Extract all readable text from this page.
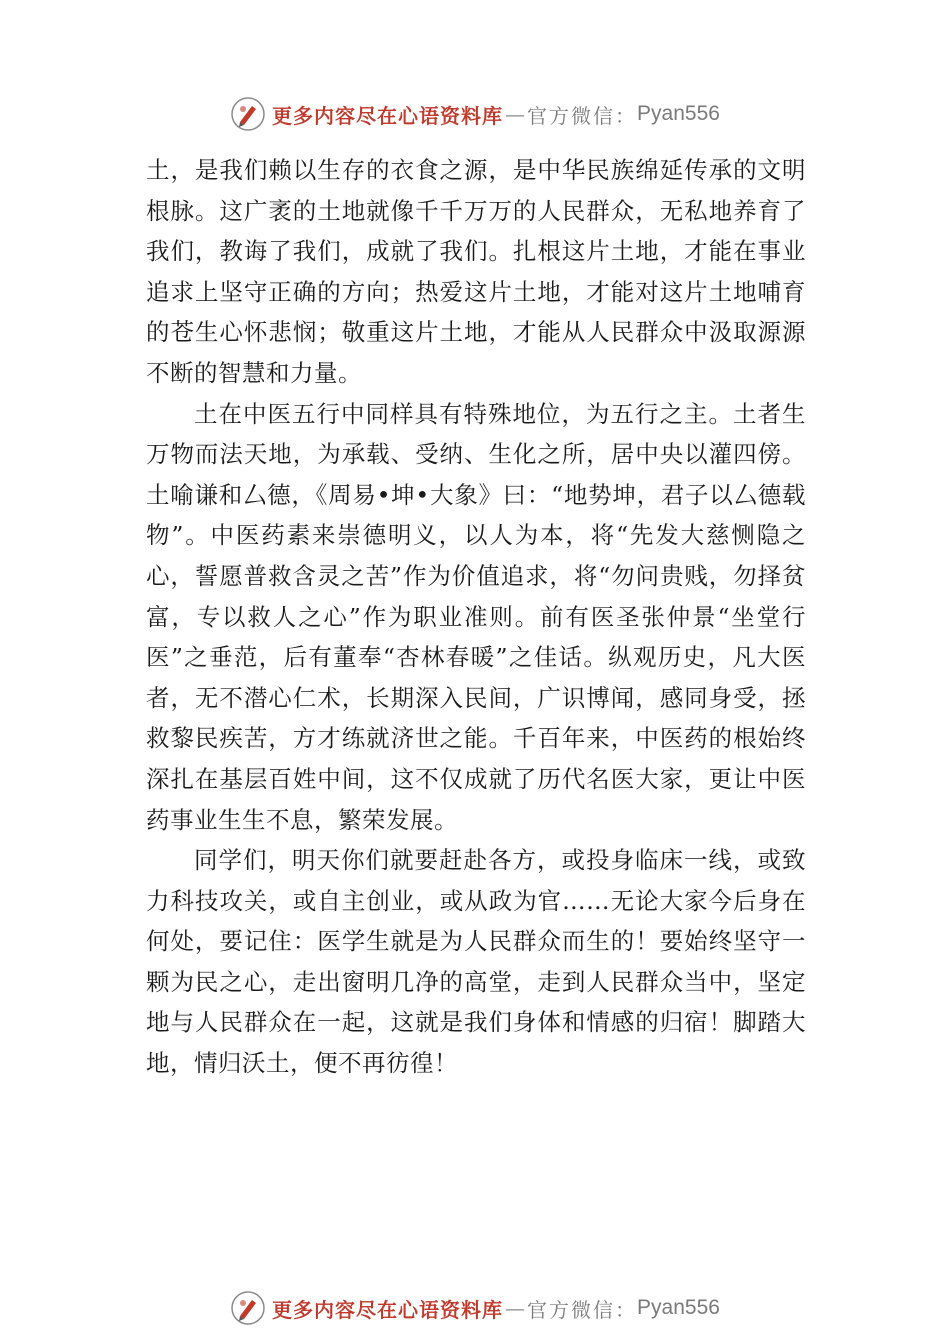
更多内容尽在心语资料库 — 官方微信： Pyan556

土，是我们赖以生存的衣食之源，是中华民族绵延传承的文明根脉。这广袤的土地就像千千万万的人民群众，无私地养育了我们，教诲了我们，成就了我们。扎根这片土地，才能在事业追求上坚守正确的方向；热爱这片土地，才能对这片土地哺育的苍生心怀悲悯；敬重这片土地，才能从人民群众中汲取源源不断的智慧和力量。

土在中医五行中同样具有特殊地位，为五行之主。土者生万物而法天地，为承载、受纳、生化之所，居中央以灌四傍。土喻谦和厶德，《周易•坤•大象》曰：“地势坤，君子以厶德载物”。中医药素来崇德明义，以人为本，将“先发大慈恻隐之心，誓愿普救含灵之苦”作为价值追求，将“勿问贵贱，勿择贫富，专以救人之心”作为职业准则。前有医圣张仲景“坐堂行医”之垂范，后有董奉“杏林春暖”之佳话。纵观历史，凡大医者，无不潜心仁术，长期深入民间，广识博闻，感同身受，拯救黎民疾苦，方才练就济世之能。千百年来，中医药的根始终深扎在基层百姓中间，这不仅成就了历代名医大家，更让中医药事业生生不息，繁荣发展。

同学们，明天你们就要赶赴各方，或投身临床一线，或致力科技攻关，或自主创业，或从政为官……无论大家今后身在何处，要记住：医学生就是为人民群众而生的！要始终坚守一颗为民之心，走出窗明几净的高堂，走到人民群众当中，坚定地与人民群众在一起，这就是我们身体和情感的归宿！脚踏大地，情归沃土，便不再彷徨！

更多内容尽在心语资料库 — 官方微信： Pyan556
